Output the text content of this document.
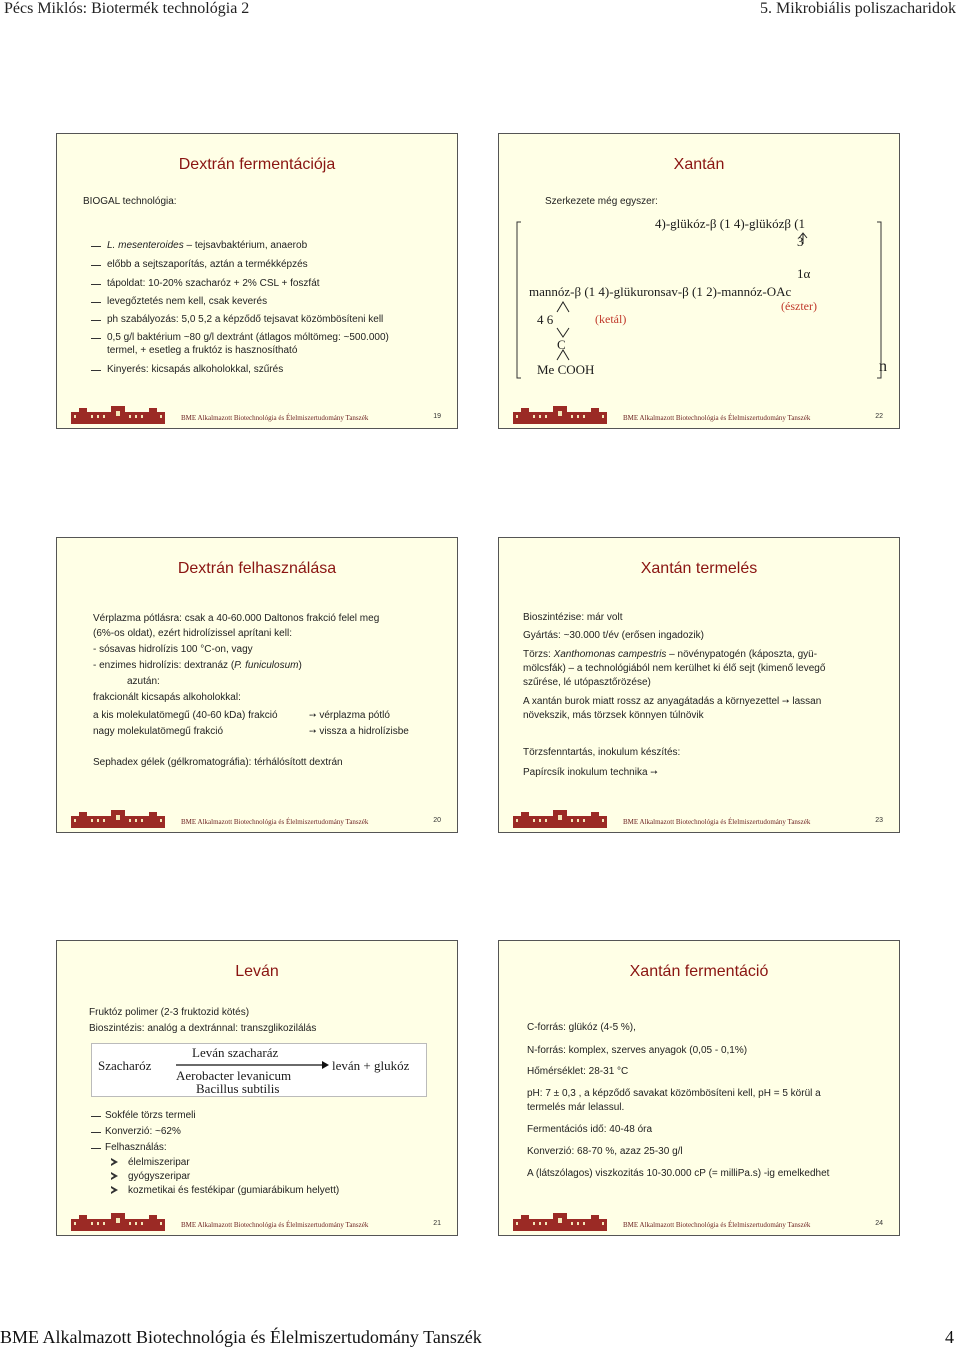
Pécs Miklós: Biotermék technológia 2	5. Mikrobiális poliszacharidok
Dextrán fermentációja
BIOGAL technológia:
L. mesenteroides – tejsavbaktérium, anaerob
előbb a sejtszaporítás, aztán a termékképzés
tápoldat: 10-20% szacharóz + 2% CSL + foszfát
levegőztetés nem kell, csak keverés
ph szabályozás: 5,0 5,2 a képződő tejsavat közömbösíteni kell
0,5 g/l baktérium ~80 g/l dextránt (átlagos móltömeg: ~500.000)
termel, + esetleg a fruktóz is hasznosítható
Kinyerés: kicsapás alkoholokkal, szűrés
BME Alkalmazott Biotechnológia és Élelmiszertudomány Tanszék	19
Xantán
Szerkezete még egyszer:
4)-glükóz-β (1 4)-glükózβ (1
3
1α
mannóz-β (1 4)-glükuronsav-β (1 2)-mannóz-OAc
(észter)
4 6	(ketál)
C
Me COOH	n
BME Alkalmazott Biotechnológia és Élelmiszertudomány Tanszék	22
Dextrán felhasználása
Vérplazma pótlásra: csak a 40-60.000 Daltonos frakció felel meg
(6%-os oldat), ezért hidrolízissel aprítani kell:
- sósavas hidrolízis 100 °C-on, vagy
- enzimes hidrolízis: dextranáz (P. funiculosum)
azután:
frakcionált kicsapás alkoholokkal:
a kis molekulatömegű (40-60 kDa) frakció	➙ vérplazma pótló
nagy molekulatömegű frakció	➙ vissza a hidrolízisbe
Sephadex gélek (gélkromatográfia): térhálósított dextrán
BME Alkalmazott Biotechnológia és Élelmiszertudomány Tanszék	20
Xantán termelés
Bioszintézise: már volt
Gyártás: ~30.000 t/év (erősen ingadozik)
Törzs: Xanthomonas campestris – növénypatogén (káposzta, gyü-
mölcsfák) – a technológiából nem kerülhet ki élő sejt (kimenő levegő
szűrése, lé utópasztőrözése)
A xantán burok miatt rossz az anyagátadás a környezettel ➙ lassan
növekszik, más törzsek könnyen túlnövik
Törzsfenntartás, inokulum készítés:
Papírcsík inokulum technika ➙
BME Alkalmazott Biotechnológia és Élelmiszertudomány Tanszék	23
Leván
Fruktóz polimer (2-3 fruktozid kötés)
Bioszintézis: analóg a dextránnal: transzglikozilálás
Szacharóz
Leván szacharáz
leván + glukóz
Aerobacter levanicum
Bacillus subtilis
Sokféle törzs termeli
Konverzió: ~62%
Felhasználás:
élelmiszeripar
gyógyszeripar
kozmetikai és festékipar (gumiarábikum helyett)
BME Alkalmazott Biotechnológia és Élelmiszertudomány Tanszék	21
Xantán fermentáció
C-forrás: glükóz (4-5 %),
N-forrás: komplex, szerves anyagok (0,05 - 0,1%)
Hőmérséklet: 28-31 °C
pH: 7 ± 0,3 , a képződő savakat közömbösíteni kell, pH = 5 körül a
termelés már lelassul.
Fermentációs idő: 40-48 óra
Konverzió: 68-70 %, azaz 25-30 g/l
A (látszólagos) viszkozitás 10-30.000 cP (= milliPa.s) -ig emelkedhet
BME Alkalmazott Biotechnológia és Élelmiszertudomány Tanszék	24
BME Alkalmazott Biotechnológia és Élelmiszertudomány Tanszék	4
